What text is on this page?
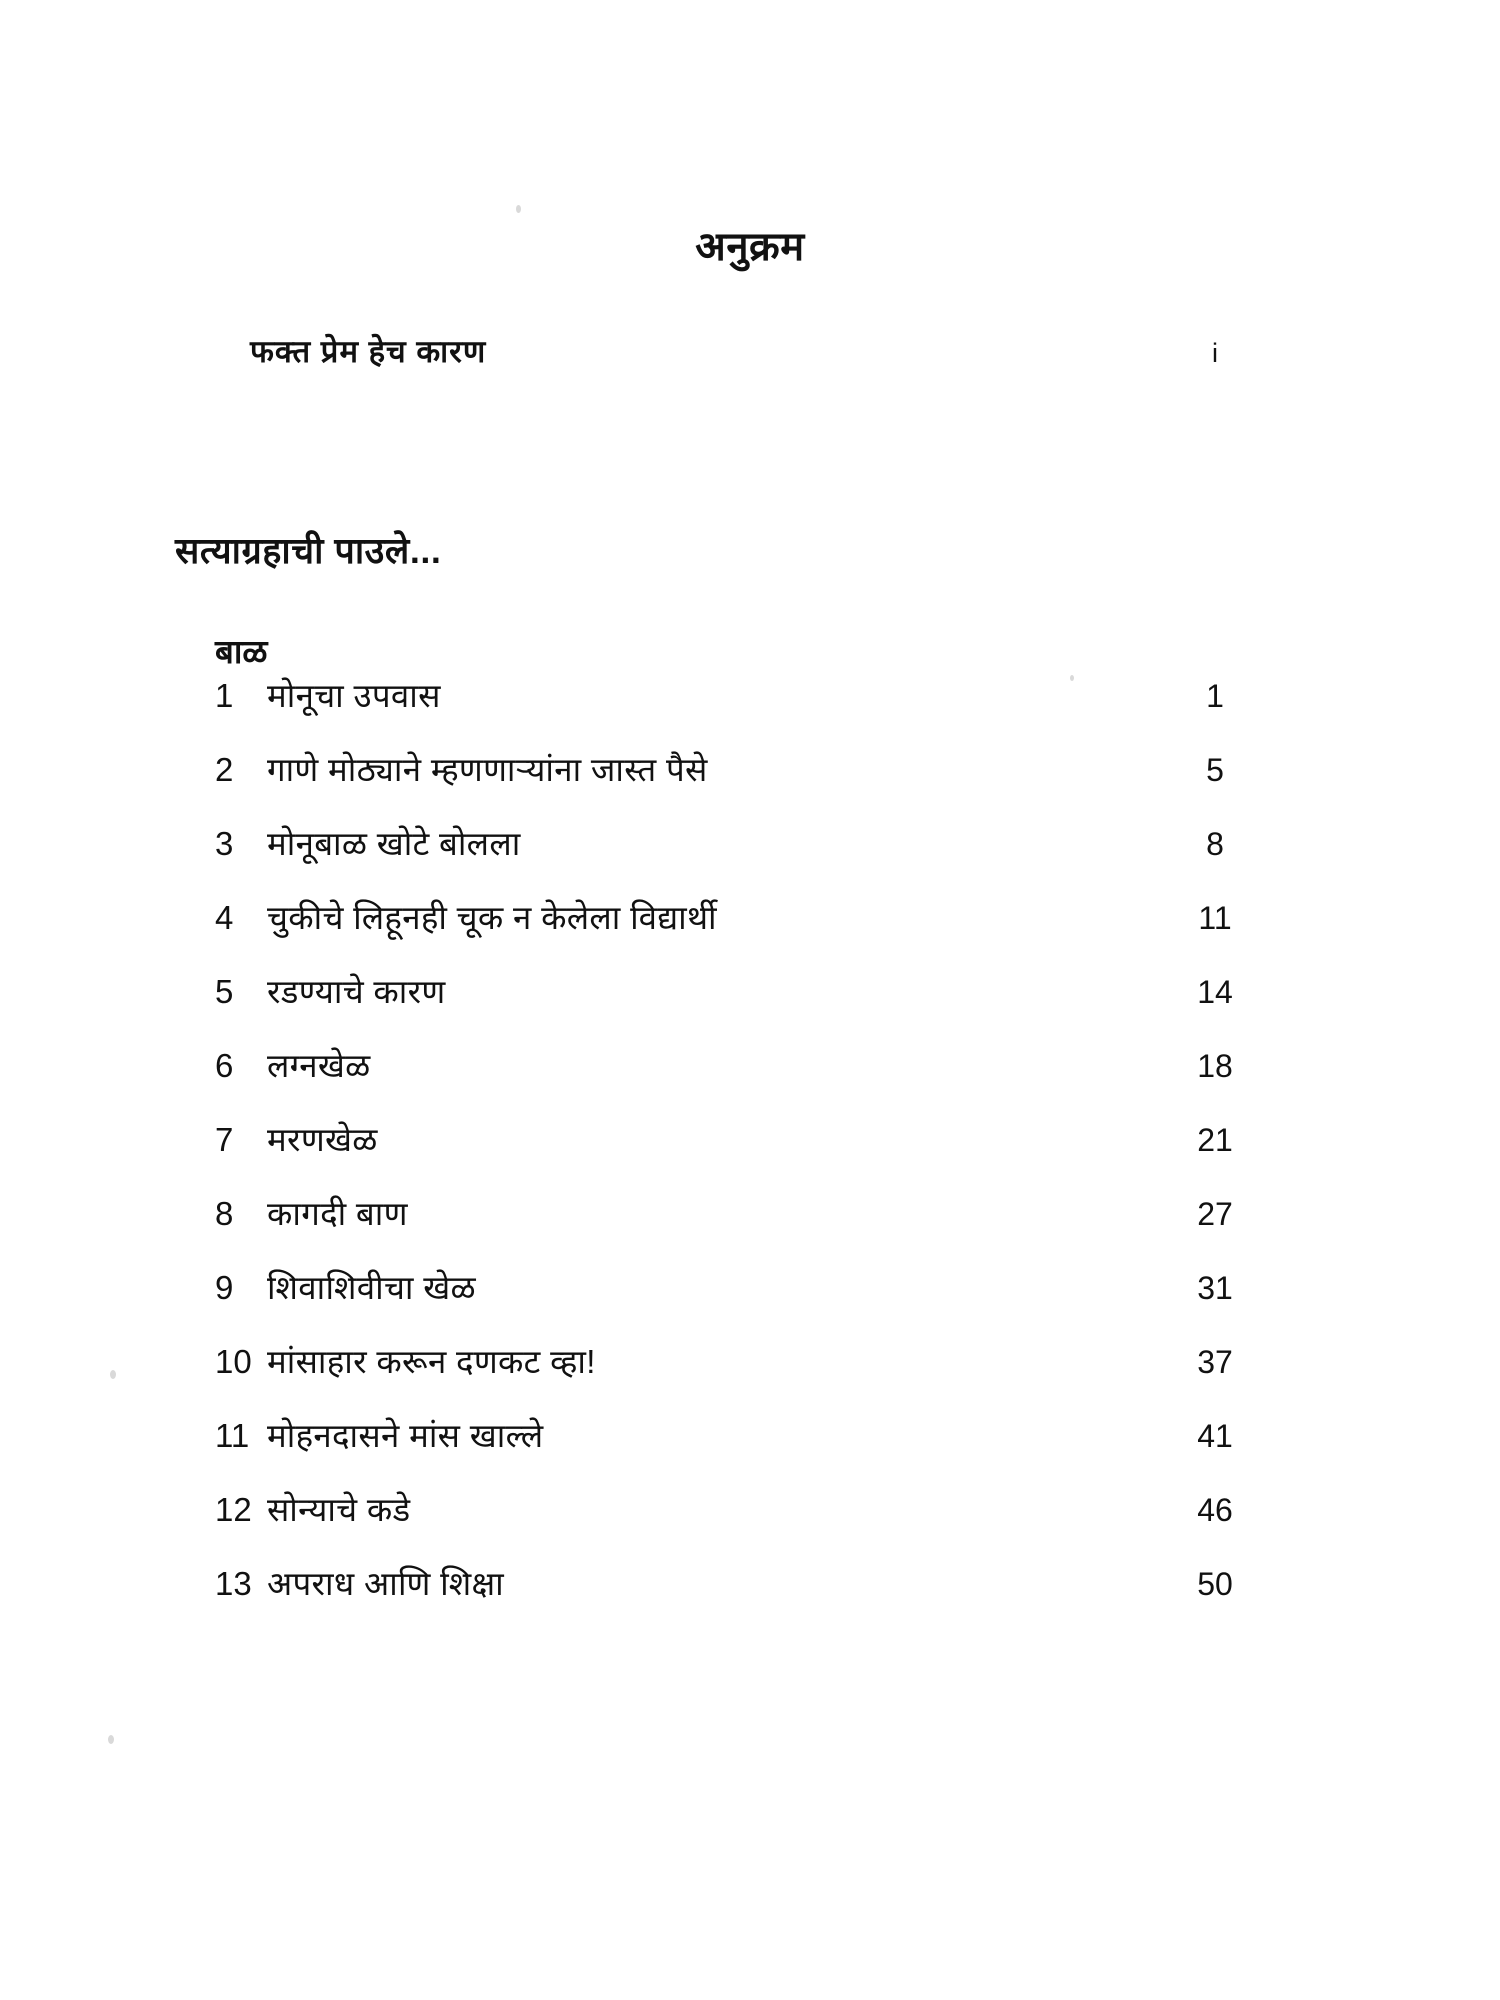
अनुक्रम
फक्त प्रेम हेच कारण	i
सत्याग्रहाची पाउले...
बाळ
1	मोनूचा उपवास	1
2	गाणे मोठ्याने म्हणणाऱ्यांना जास्त पैसे	5
3	मोनूबाळ खोटे बोलला	8
4	चुकीचे लिहूनही चूक न केलेला विद्यार्थी	11
5	रडण्याचे कारण	14
6	लग्नखेळ	18
7	मरणखेळ	21
8	कागदी बाण	27
9	शिवाशिवीचा खेळ	31
10 मांसाहार करून दणकट व्हा!	37
11 मोहनदासने मांस खाल्ले	41
12 सोन्याचे कडे	46
13 अपराध आणि शिक्षा	50
